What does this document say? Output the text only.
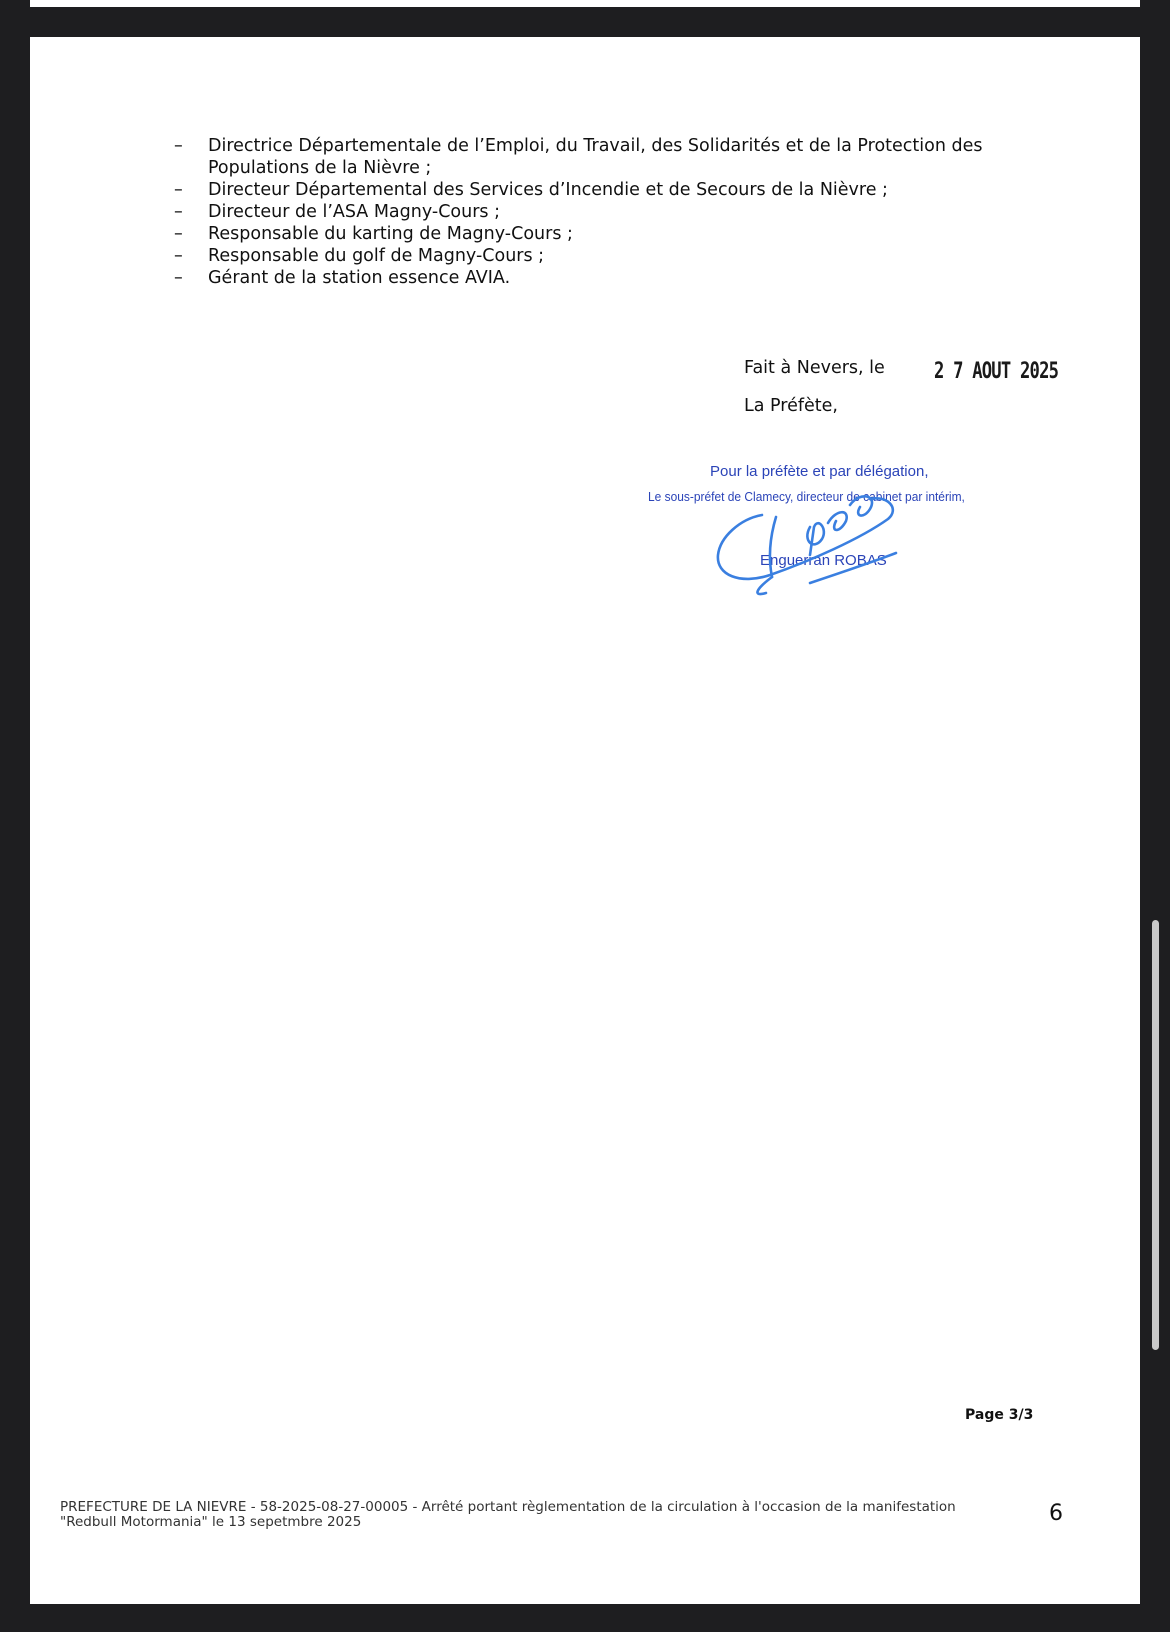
–	Directrice Départementale de l’Emploi, du Travail, des Solidarités et de la Protection des Populations de la Nièvre ;
–	Directeur Départemental des Services d’Incendie et de Secours de la Nièvre ;
–	Directeur de l’ASA Magny-Cours ;
–	Responsable du karting de Magny-Cours ;
–	Responsable du golf de Magny-Cours ;
–	Gérant de la station essence AVIA.
Fait à Nevers, le 2 7 AOUT 2025
La Préfète,
Pour la préfète et par délégation,
Le sous-préfet de Clamecy, directeur de cabinet par intérim,
Enguerran ROBAS
Page 3/3
PREFECTURE DE LA NIEVRE - 58-2025-08-27-00005 - Arrêté portant règlementation de la circulation à l'occasion de la manifestation "Redbull Motormania" le 13 sepetmbre 2025	6
